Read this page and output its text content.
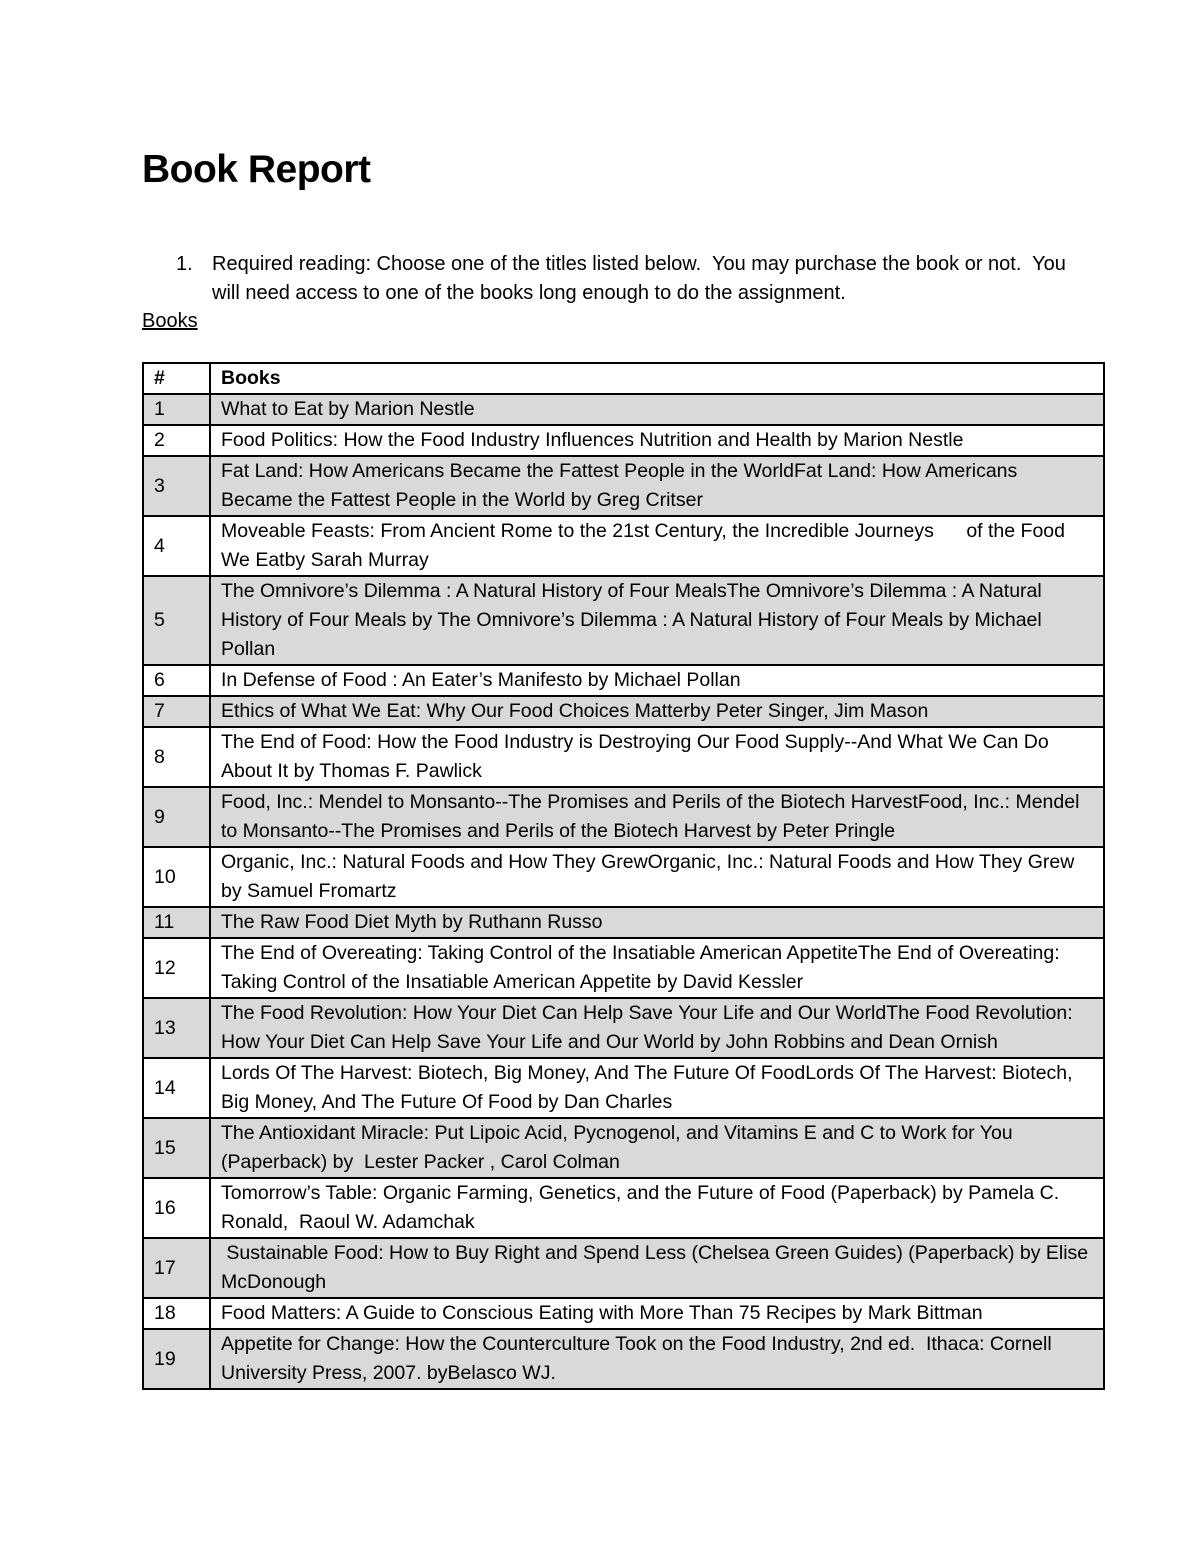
Book Report
1. Required reading: Choose one of the titles listed below.  You may purchase the book or not.  You will need access to one of the books long enough to do the assignment.
Books
#	Books
1	What to Eat by Marion Nestle
2	Food Politics: How the Food Industry Influences Nutrition and Health by Marion Nestle
3	Fat Land: How Americans Became the Fattest People in the WorldFat Land: How Americans Became the Fattest People in the World by Greg Critser
4	Moveable Feasts: From Ancient Rome to the 21st Century, the Incredible Journeys      of the Food We Eatby Sarah Murray
5	The Omnivore’s Dilemma : A Natural History of Four MealsThe Omnivore’s Dilemma : A Natural History of Four Meals by The Omnivore’s Dilemma : A Natural History of Four Meals by Michael Pollan
6	In Defense of Food : An Eater’s Manifesto by Michael Pollan
7	Ethics of What We Eat: Why Our Food Choices Matterby Peter Singer, Jim Mason
8	The End of Food: How the Food Industry is Destroying Our Food Supply--And What We Can Do About It by Thomas F. Pawlick
9	Food, Inc.: Mendel to Monsanto--The Promises and Perils of the Biotech HarvestFood, Inc.: Mendel to Monsanto--The Promises and Perils of the Biotech Harvest by Peter Pringle
10	Organic, Inc.: Natural Foods and How They GrewOrganic, Inc.: Natural Foods and How They Grew by Samuel Fromartz
11	The Raw Food Diet Myth by Ruthann Russo
12	The End of Overeating: Taking Control of the Insatiable American AppetiteThe End of Overeating: Taking Control of the Insatiable American Appetite by David Kessler
13	The Food Revolution: How Your Diet Can Help Save Your Life and Our WorldThe Food Revolution: How Your Diet Can Help Save Your Life and Our World by John Robbins and Dean Ornish
14	Lords Of The Harvest: Biotech, Big Money, And The Future Of FoodLords Of The Harvest: Biotech, Big Money, And The Future Of Food by Dan Charles
15	The Antioxidant Miracle: Put Lipoic Acid, Pycnogenol, and Vitamins E and C to Work for You (Paperback) by  Lester Packer , Carol Colman
16	Tomorrow’s Table: Organic Farming, Genetics, and the Future of Food (Paperback) by Pamela C. Ronald,  Raoul W. Adamchak
17	Sustainable Food: How to Buy Right and Spend Less (Chelsea Green Guides) (Paperback) by Elise McDonough
18	Food Matters: A Guide to Conscious Eating with More Than 75 Recipes by Mark Bittman
19	Appetite for Change: How the Counterculture Took on the Food Industry, 2nd ed.  Ithaca: Cornell University Press, 2007. byBelasco WJ.
